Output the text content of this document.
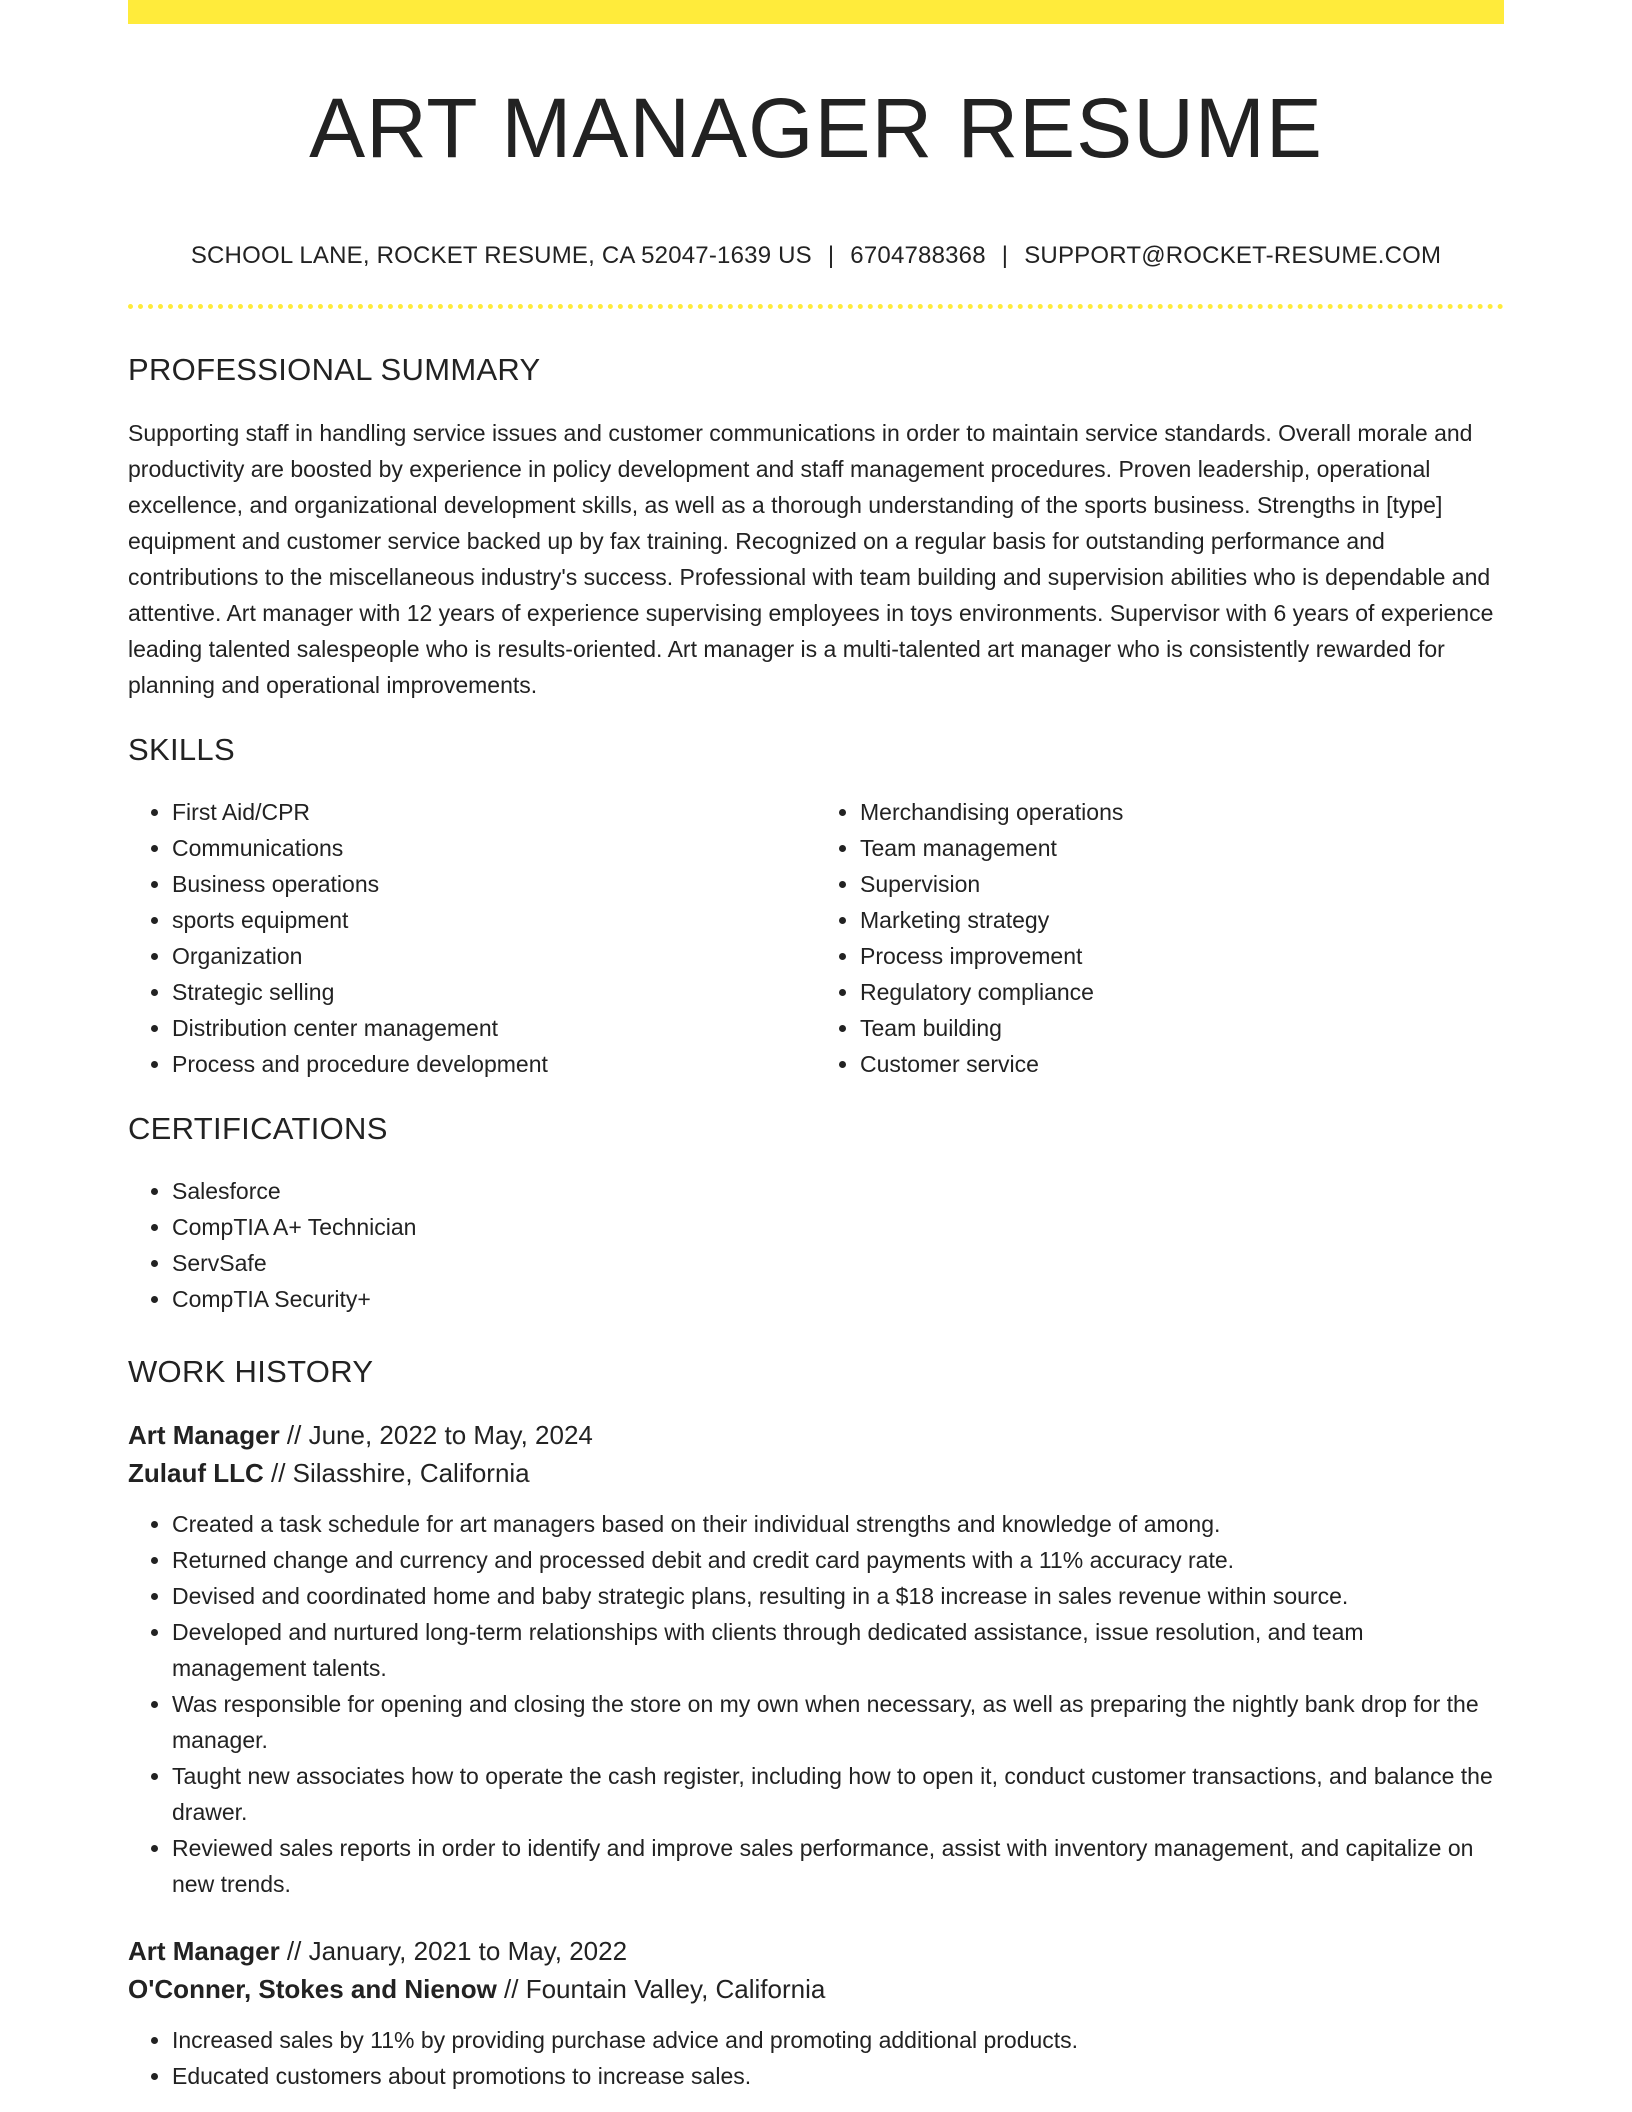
ART MANAGER RESUME
SCHOOL LANE, ROCKET RESUME, CA 52047-1639 US | 6704788368 | SUPPORT@ROCKET-RESUME.COM
PROFESSIONAL SUMMARY
Supporting staff in handling service issues and customer communications in order to maintain service standards. Overall morale and productivity are boosted by experience in policy development and staff management procedures. Proven leadership, operational excellence, and organizational development skills, as well as a thorough understanding of the sports business. Strengths in [type] equipment and customer service backed up by fax training. Recognized on a regular basis for outstanding performance and contributions to the miscellaneous industry's success. Professional with team building and supervision abilities who is dependable and attentive. Art manager with 12 years of experience supervising employees in toys environments. Supervisor with 6 years of experience leading talented salespeople who is results-oriented. Art manager is a multi-talented art manager who is consistently rewarded for planning and operational improvements.
SKILLS
• First Aid/CPR
• Communications
• Business operations
• sports equipment
• Organization
• Strategic selling
• Distribution center management
• Process and procedure development
• Merchandising operations
• Team management
• Supervision
• Marketing strategy
• Process improvement
• Regulatory compliance
• Team building
• Customer service
CERTIFICATIONS
• Salesforce
• CompTIA A+ Technician
• ServSafe
• CompTIA Security+
WORK HISTORY
Art Manager // June, 2022 to May, 2024
Zulauf LLC // Silasshire, California
• Created a task schedule for art managers based on their individual strengths and knowledge of among.
• Returned change and currency and processed debit and credit card payments with a 11% accuracy rate.
• Devised and coordinated home and baby strategic plans, resulting in a $18 increase in sales revenue within source.
• Developed and nurtured long-term relationships with clients through dedicated assistance, issue resolution, and team management talents.
• Was responsible for opening and closing the store on my own when necessary, as well as preparing the nightly bank drop for the manager.
• Taught new associates how to operate the cash register, including how to open it, conduct customer transactions, and balance the drawer.
• Reviewed sales reports in order to identify and improve sales performance, assist with inventory management, and capitalize on new trends.
Art Manager // January, 2021 to May, 2022
O'Conner, Stokes and Nienow // Fountain Valley, California
• Increased sales by 11% by providing purchase advice and promoting additional products.
• Educated customers about promotions to increase sales.
